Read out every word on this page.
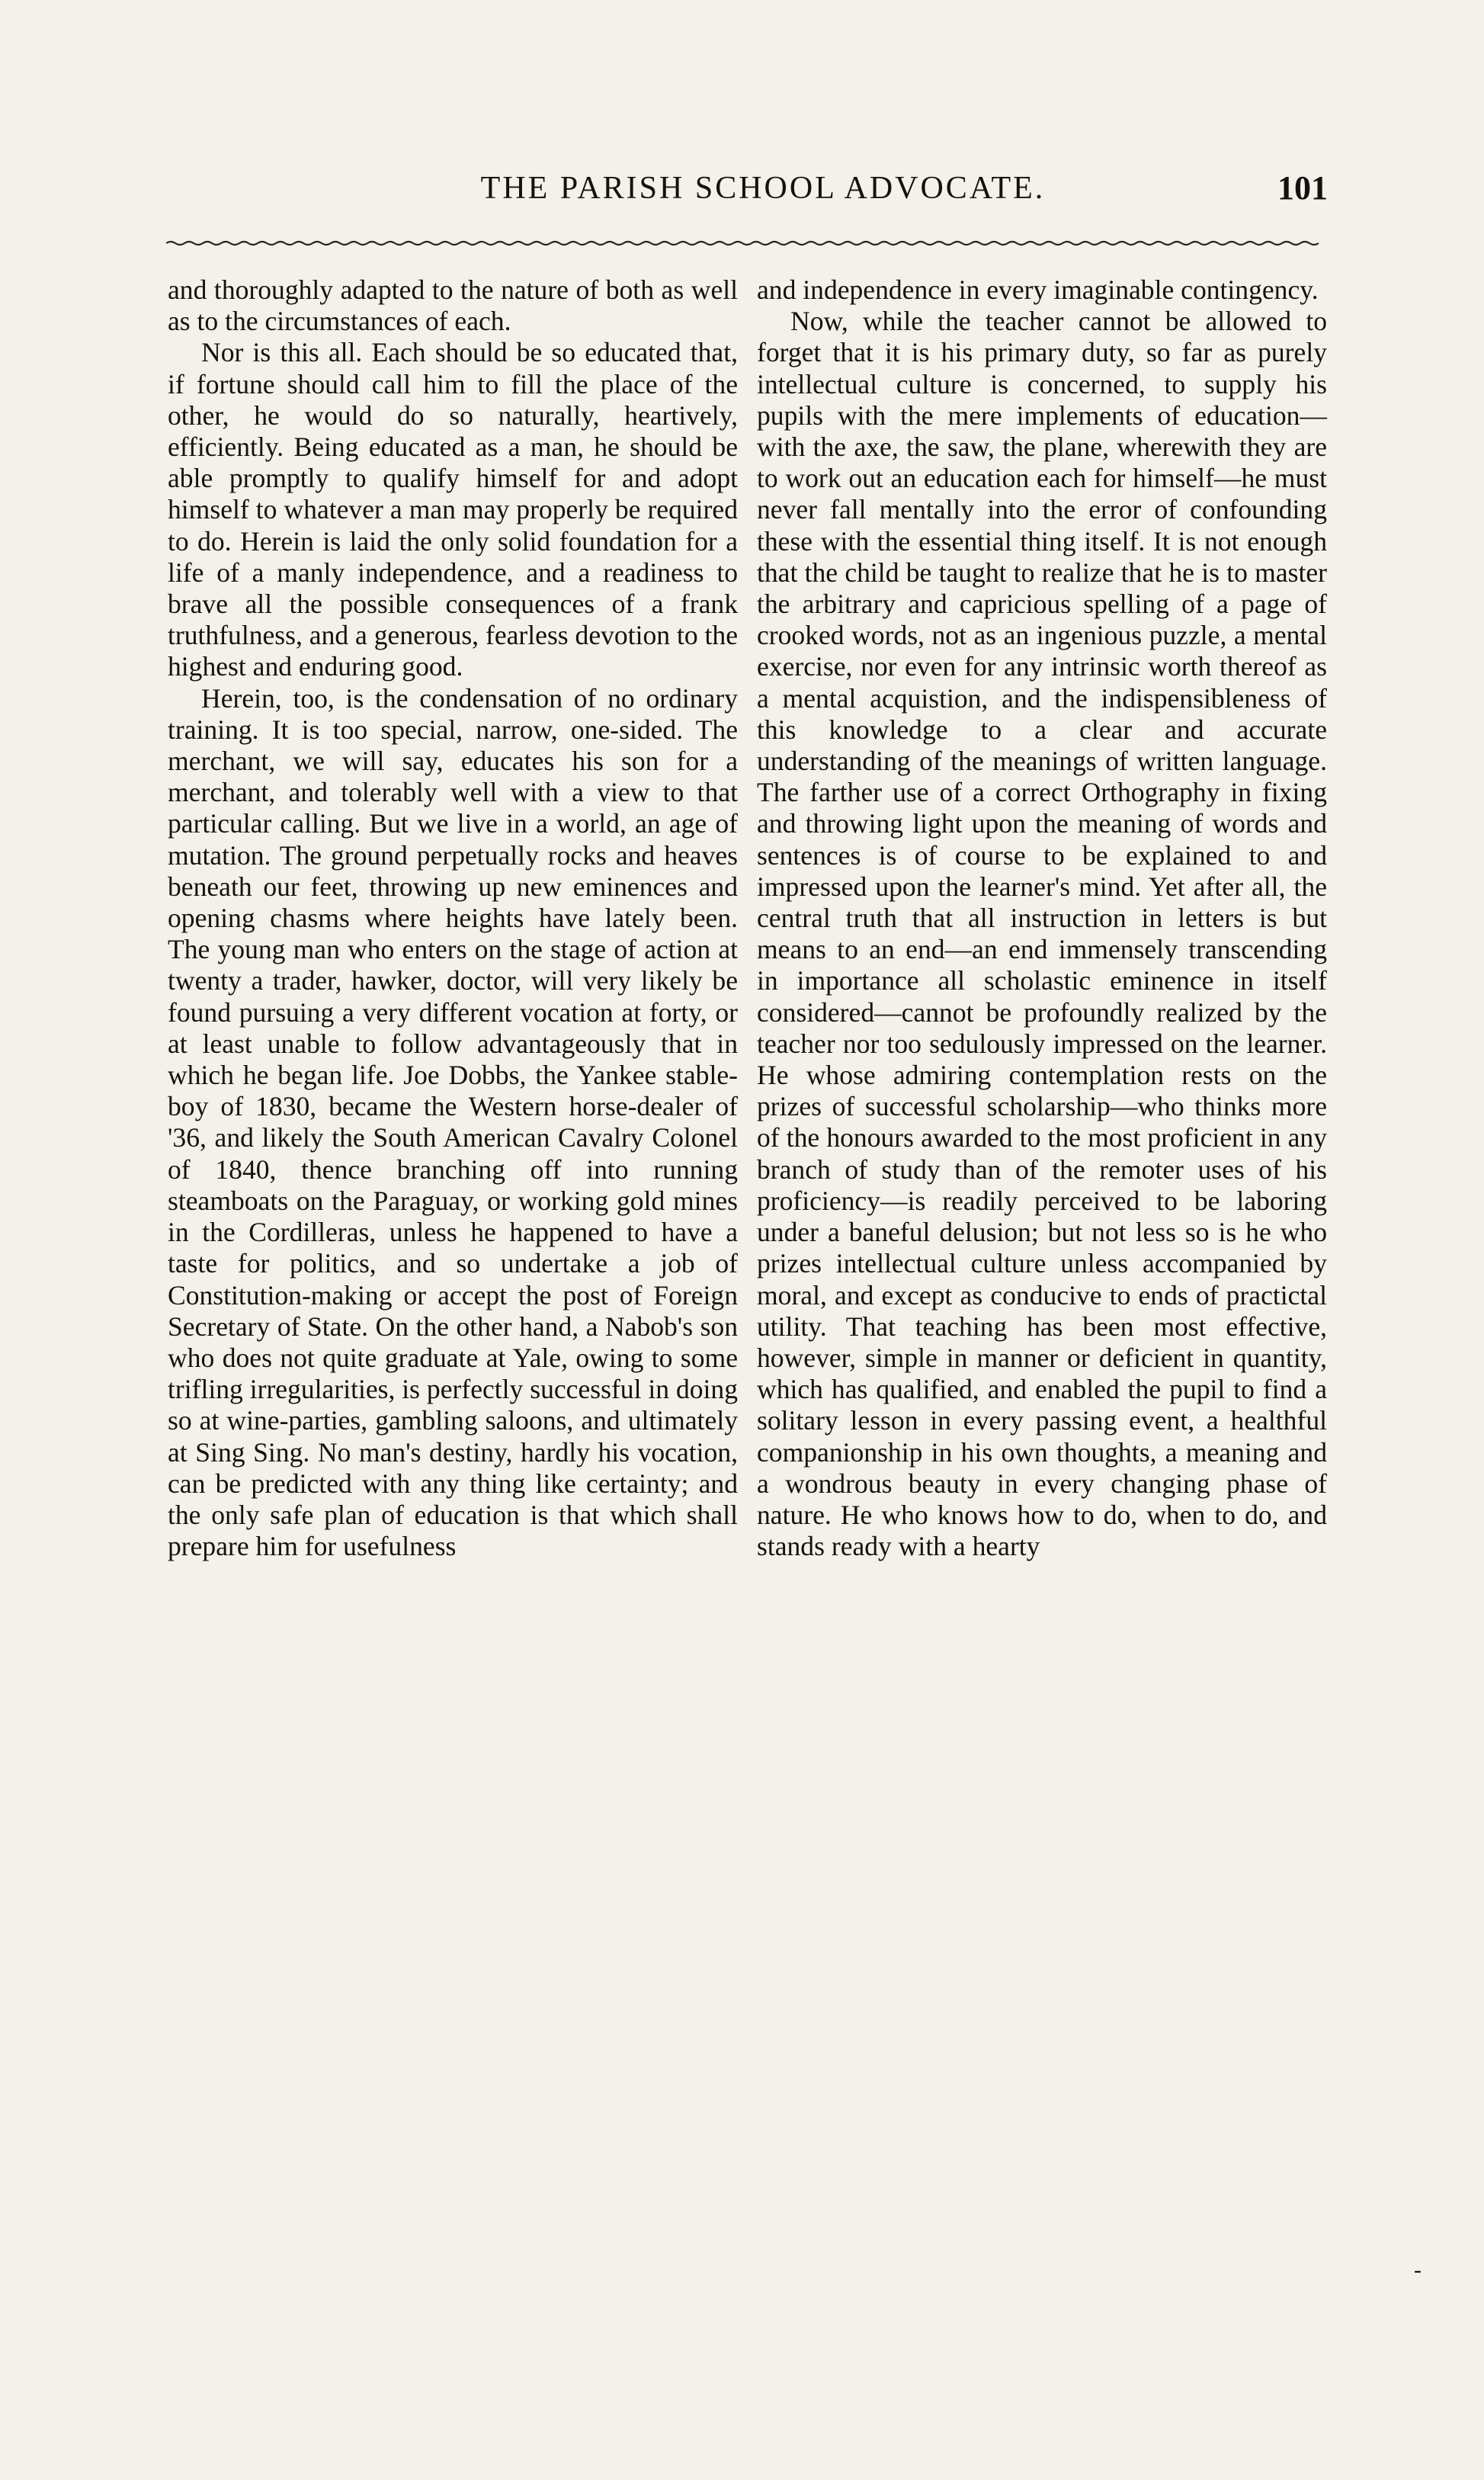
THE PARISH SCHOOL ADVOCATE.	101

and thoroughly adapted to the nature of both as well as to the circumstances of each.

Nor is this all. Each should be so educated that, if fortune should call him to fill the place of the other, he would do so naturally, heartively, efficiently. Being educated as a man, he should be able promptly to qualify himself for and adopt himself to whatever a man may properly be required to do. Herein is laid the only solid foundation for a life of a manly independence, and a readiness to brave all the possible consequences of a frank truthfulness, and a generous, fearless devotion to the highest and enduring good.

Herein, too, is the condensation of no ordinary training. It is too special, narrow, one-sided. The merchant, we will say, educates his son for a merchant, and tolerably well with a view to that particular calling. But we live in a world, an age of mutation. The ground perpetually rocks and heaves beneath our feet, throwing up new eminences and opening chasms where heights have lately been. The young man who enters on the stage of action at twenty a trader, hawker, doctor, will very likely be found pursuing a very different vocation at forty, or at least unable to follow advantageously that in which he began life. Joe Dobbs, the Yankee stable-boy of 1830, became the Western horse-dealer of '36, and likely the South American Cavalry Colonel of 1840, thence branching off into running steamboats on the Paraguay, or working gold mines in the Cordilleras, unless he happened to have a taste for politics, and so undertake a job of Constitution-making or accept the post of Foreign Secretary of State. On the other hand, a Nabob's son who does not quite graduate at Yale, owing to some trifling irregularities, is perfectly successful in doing so at wine-parties, gambling saloons, and ultimately at Sing Sing. No man's destiny, hardly his vocation, can be predicted with any thing like certainty; and the only safe plan of education is that which shall prepare him for usefulness

and independence in every imaginable contingency.

Now, while the teacher cannot be allowed to forget that it is his primary duty, so far as purely intellectual culture is concerned, to supply his pupils with the mere implements of education—with the axe, the saw, the plane, wherewith they are to work out an education each for himself—he must never fall mentally into the error of confounding these with the essential thing itself. It is not enough that the child be taught to realize that he is to master the arbitrary and capricious spelling of a page of crooked words, not as an ingenious puzzle, a mental exercise, nor even for any intrinsic worth thereof as a mental acquistion, and the indispensibleness of this knowledge to a clear and accurate understanding of the meanings of written language. The farther use of a correct Orthography in fixing and throwing light upon the meaning of words and sentences is of course to be explained to and impressed upon the learner's mind. Yet after all, the central truth that all instruction in letters is but means to an end—an end immensely transcending in importance all scholastic eminence in itself considered—cannot be profoundly realized by the teacher nor too sedulously impressed on the learner. He whose admiring contemplation rests on the prizes of successful scholarship—who thinks more of the honours awarded to the most proficient in any branch of study than of the remoter uses of his proficiency—is readily perceived to be laboring under a baneful delusion; but not less so is he who prizes intellectual culture unless accompanied by moral, and except as conducive to ends of practictal utility. That teaching has been most effective, however, simple in manner or deficient in quantity, which has qualified, and enabled the pupil to find a solitary lesson in every passing event, a healthful companionship in his own thoughts, a meaning and a wondrous beauty in every changing phase of nature. He who knows how to do, when to do, and stands ready with a hearty

-
